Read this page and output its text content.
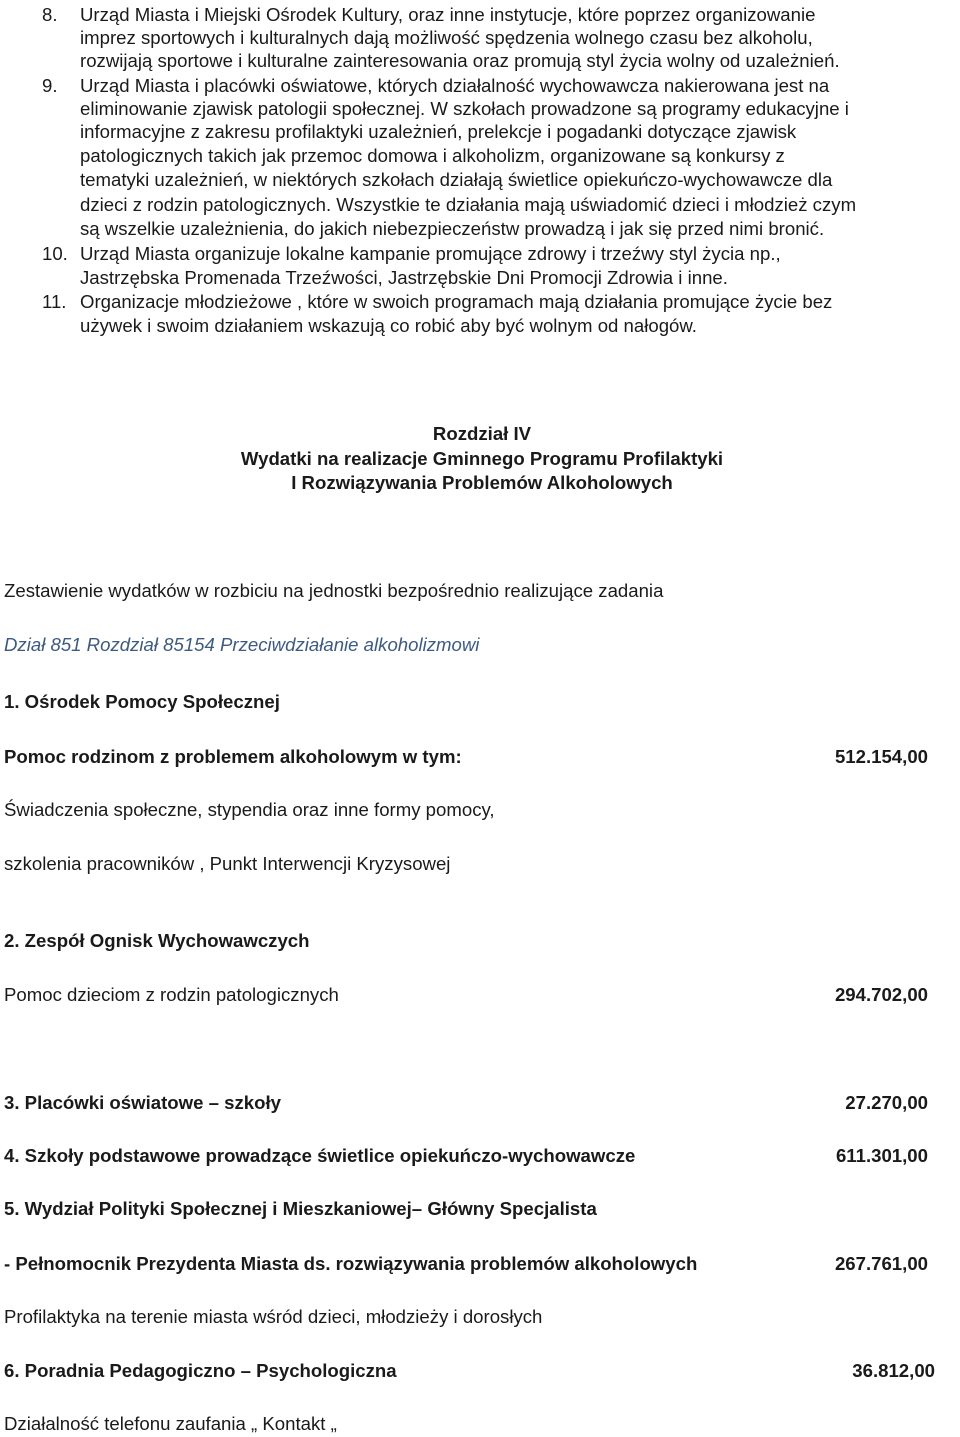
8. Urząd Miasta i Miejski Ośrodek Kultury, oraz inne instytucje, które poprzez organizowanie
imprez sportowych i kulturalnych dają możliwość spędzenia wolnego czasu bez alkoholu,
rozwijają sportowe i kulturalne zainteresowania oraz promują styl życia wolny od uzależnień.
9. Urząd Miasta i placówki oświatowe, których działalność wychowawcza nakierowana jest na
eliminowanie zjawisk patologii społecznej. W szkołach prowadzone są programy edukacyjne i
informacyjne z zakresu profilaktyki uzależnień, prelekcje i pogadanki dotyczące zjawisk
patologicznych takich jak przemoc domowa i alkoholizm, organizowane są konkursy z
tematyki uzależnień, w niektórych szkołach działają świetlice opiekuńczo-wychowawcze dla
dzieci z rodzin patologicznych. Wszystkie te działania mają uświadomić dzieci i młodzież czym
są wszelkie uzależnienia, do jakich niebezpieczeństw prowadzą i jak się przed nimi bronić.
10. Urząd Miasta organizuje lokalne kampanie promujące zdrowy i trzeźwy styl życia np.,
Jastrzębska Promenada Trzeźwości, Jastrzębskie Dni Promocji Zdrowia i inne.
11. Organizacje młodzieżowe , które w swoich programach mają działania promujące życie bez
używek i swoim działaniem wskazują co robić aby być wolnym od nałogów.
Rozdział IV
Wydatki na realizacje Gminnego Programu Profilaktyki
I Rozwiązywania Problemów Alkoholowych
Zestawienie wydatków w rozbiciu na jednostki bezpośrednio realizujące zadania
Dział 851 Rozdział 85154 Przeciwdziałanie alkoholizmowi
1. Ośrodek Pomocy Społecznej
Pomoc rodzinom z problemem alkoholowym w tym:	512.154,00
Świadczenia społeczne, stypendia oraz inne formy pomocy,
szkolenia pracowników , Punkt Interwencji Kryzysowej
2. Zespół Ognisk Wychowawczych
Pomoc dzieciom z rodzin patologicznych	294.702,00
3. Placówki oświatowe – szkoły	27.270,00
4. Szkoły podstawowe prowadzące świetlice opiekuńczo-wychowawcze	611.301,00
5. Wydział Polityki Społecznej i Mieszkaniowej– Główny Specjalista
- Pełnomocnik Prezydenta Miasta ds. rozwiązywania problemów alkoholowych	267.761,00
Profilaktyka na terenie miasta wśród dzieci, młodzieży i dorosłych
6. Poradnia Pedagogiczno – Psychologiczna	36.812,00
Działalność telefonu zaufania „ Kontakt „
